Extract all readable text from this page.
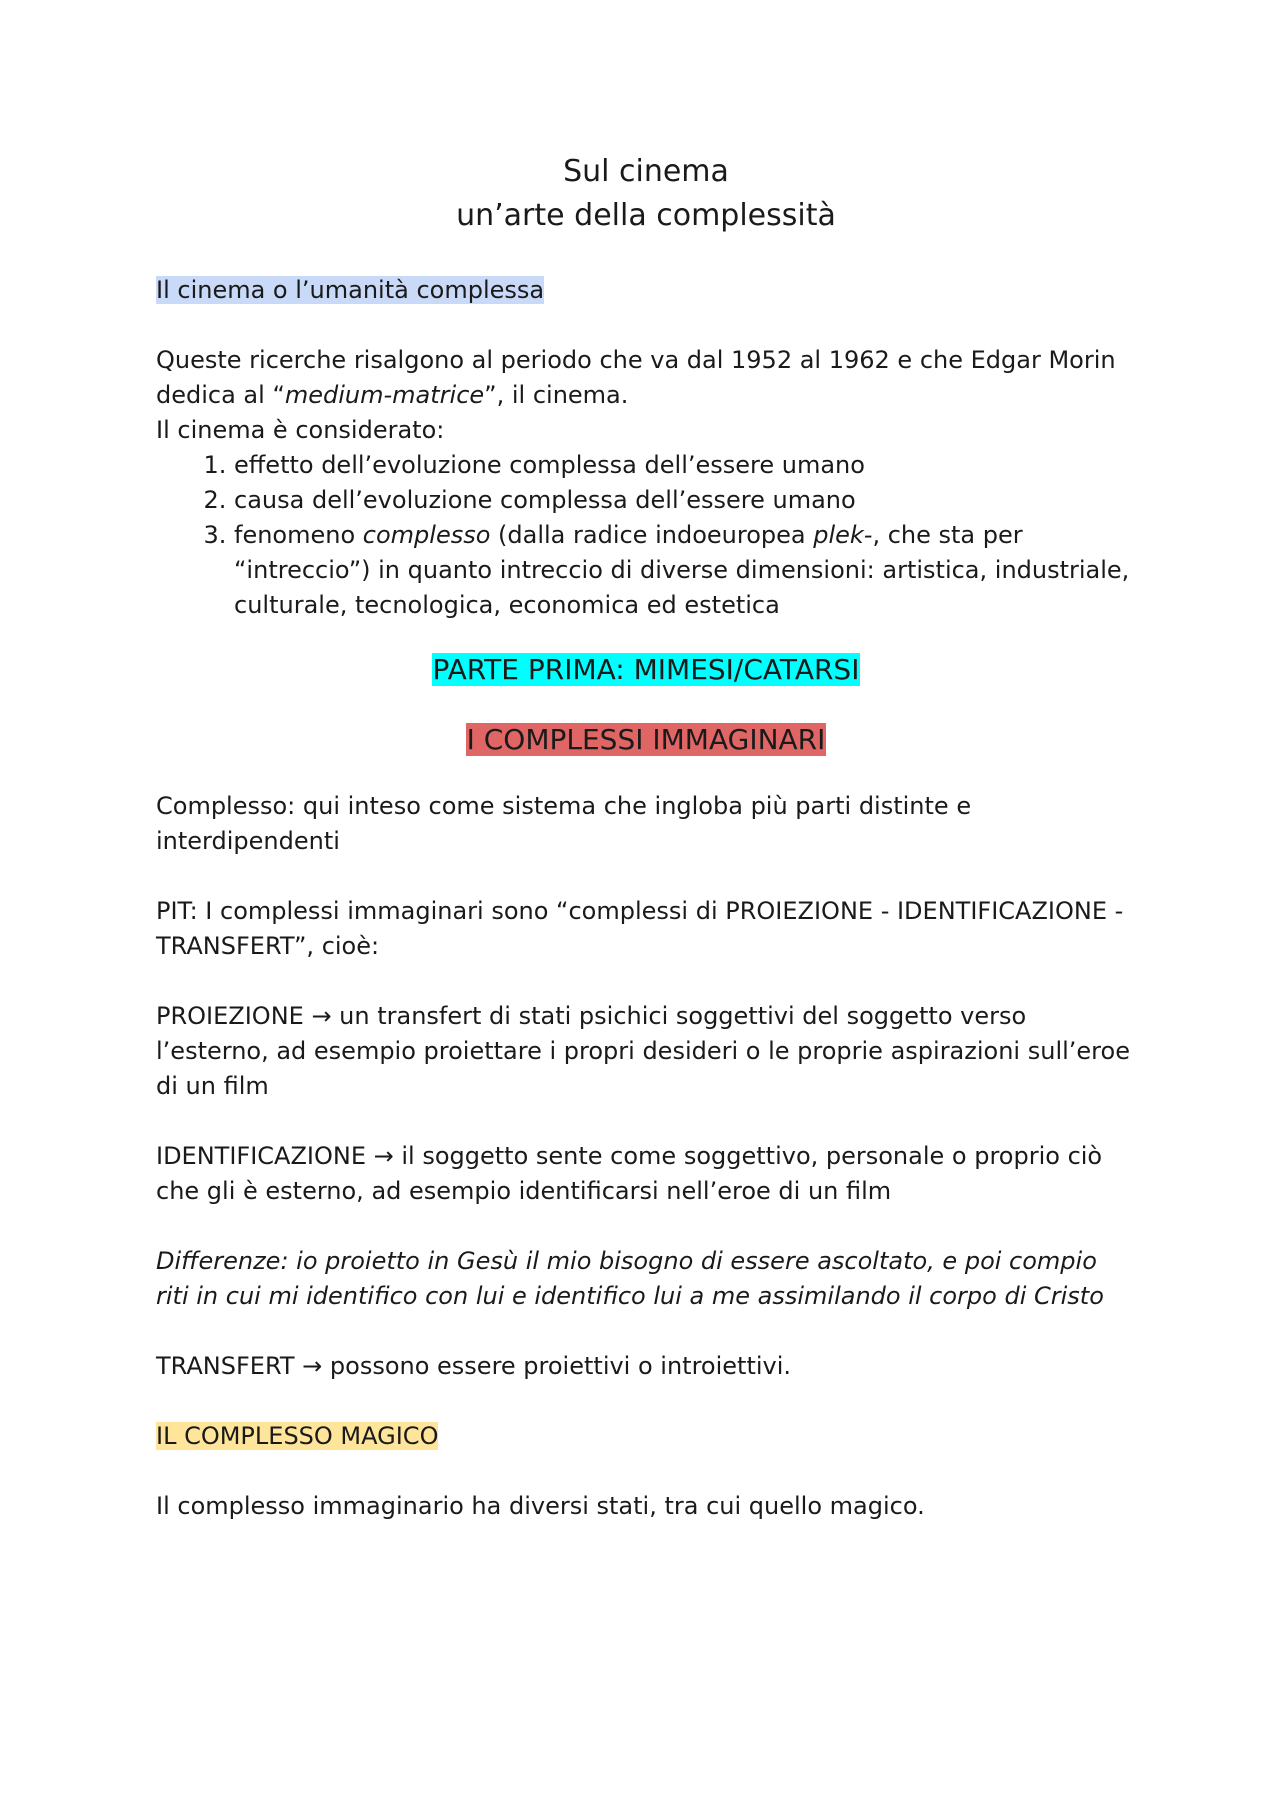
Sul cinema
un’arte della complessità

Il cinema o l’umanità complessa

Queste ricerche risalgono al periodo che va dal 1952 al 1962 e che Edgar Morin dedica al “medium-matrice”, il cinema.

Il cinema è considerato:

1. effetto dell’evoluzione complessa dell’essere umano
2. causa dell’evoluzione complessa dell’essere umano
3. fenomeno complesso (dalla radice indoeuropea plek-, che sta per “intreccio”) in quanto intreccio di diverse dimensioni: artistica, industriale, culturale, tecnologica, economica ed estetica

PARTE PRIMA: MIMESI/CATARSI

I COMPLESSI IMMAGINARI

Complesso: qui inteso come sistema che ingloba più parti distinte e interdipendenti

PIT: I complessi immaginari sono “complessi di PROIEZIONE - IDENTIFICAZIONE - TRANSFERT”, cioè:

PROIEZIONE → un transfert di stati psichici soggettivi del soggetto verso l’esterno, ad esempio proiettare i propri desideri o le proprie aspirazioni sull’eroe di un film

IDENTIFICAZIONE → il soggetto sente come soggettivo, personale o proprio ciò che gli è esterno, ad esempio identificarsi nell’eroe di un film

Differenze: io proietto in Gesù il mio bisogno di essere ascoltato, e poi compio riti in cui mi identifico con lui e identifico lui a me assimilando il corpo di Cristo

TRANSFERT → possono essere proiettivi o introiettivi.

IL COMPLESSO MAGICO

Il complesso immaginario ha diversi stati, tra cui quello magico.
